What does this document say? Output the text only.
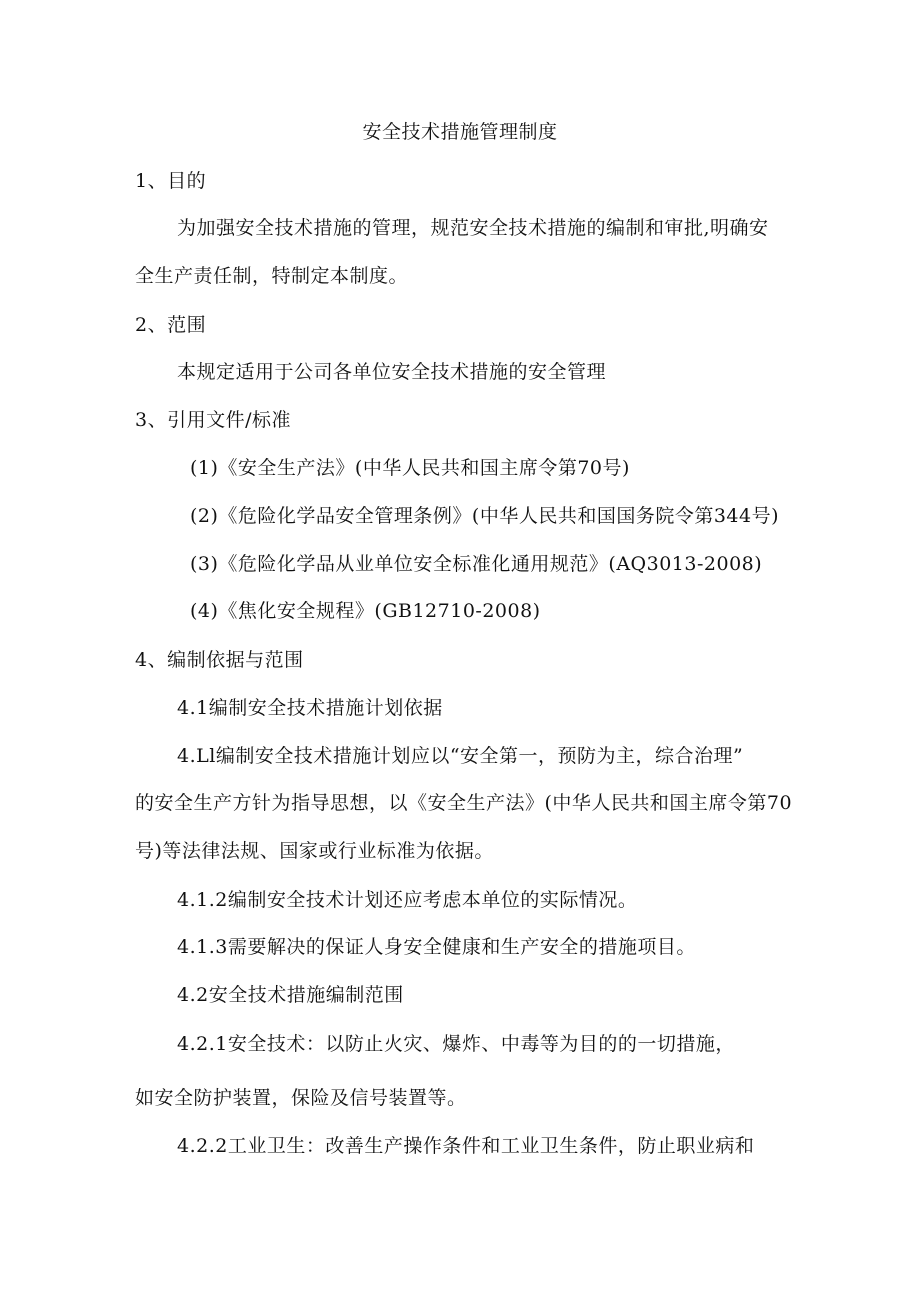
安全技术措施管理制度
1、目的
为加强安全技术措施的管理，规范安全技术措施的编制和审批,明确安
全生产责任制，特制定本制度。
2、范围
本规定适用于公司各单位安全技术措施的安全管理
3、引用文件/标准
(1)《安全生产法》(中华人民共和国主席令第70号)
(2)《危险化学品安全管理条例》(中华人民共和国国务院令第344号)
(3)《危险化学品从业单位安全标准化通用规范》(AQ3013-2008)
(4)《焦化安全规程》(GB12710-2008)
4、编制依据与范围
4.1编制安全技术措施计划依据
4.Ll编制安全技术措施计划应以“安全第一，预防为主，综合治理”
的安全生产方针为指导思想，以《安全生产法》(中华人民共和国主席令第70
号)等法律法规、国家或行业标准为依据。
4.1.2编制安全技术计划还应考虑本单位的实际情况。
4.1.3需要解决的保证人身安全健康和生产安全的措施项目。
4.2安全技术措施编制范围
4.2.1安全技术：以防止火灾、爆炸、中毒等为目的的一切措施，
如安全防护装置，保险及信号装置等。
4.2.2工业卫生：改善生产操作条件和工业卫生条件，防止职业病和
